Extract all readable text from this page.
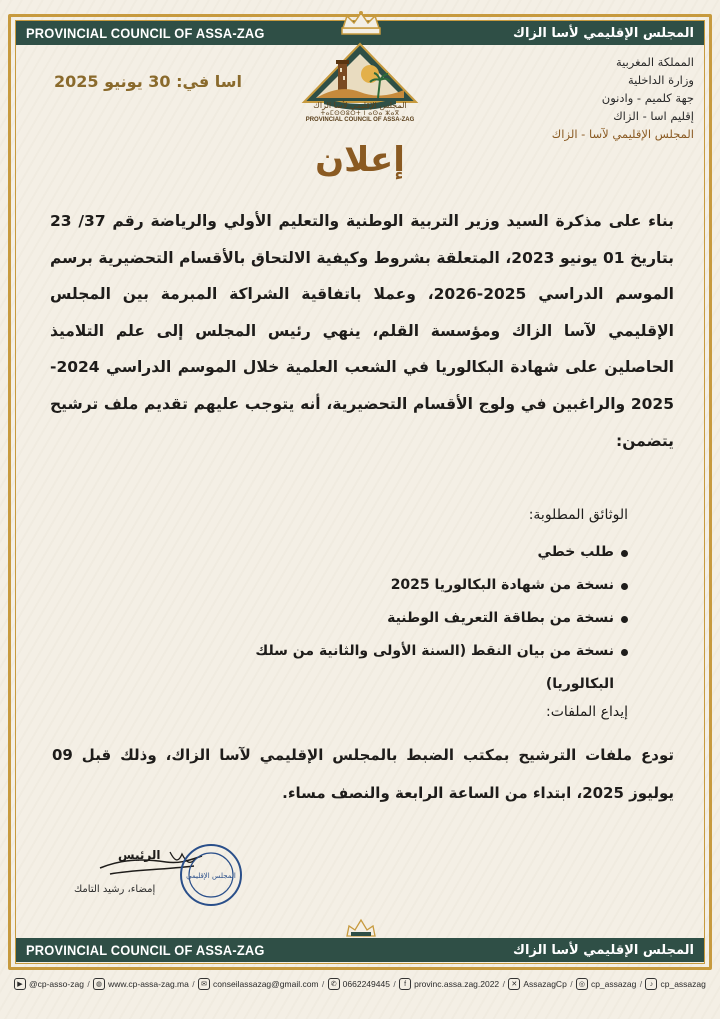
PROVINCIAL COUNCIL OF ASSA-ZAG	المجلس الإقليمي لأسا الزاك
المجلس الإقليمي لأسا الزاك
ⵜⴰⵎⵙⵙⵓⵔⵜ ⵏ ⴰⵙⴰ ⵣⴰⴳ
PROVINCIAL COUNCIL OF ASSA-ZAG
المملكة المغربية
وزارة الداخلية
جهة كلميم - وادنون
إقليم اسا - الزاك
المجلس الإقليمي لآسا - الزاك
اسا في: 30 يونيو 2025
إعلان
بناء على مذكرة السيد وزير التربية الوطنية والتعليم الأولي والرياضة رقم 37/ 23 بتاريخ 01 يونيو 2023، المتعلقة بشروط وكيفية الالتحاق بالأقسام التحضيرية برسم الموسم الدراسي 2025-2026، وعملا باتفاقية الشراكة المبرمة بين المجلس الإقليمي لآسا الزاك ومؤسسة القلم، ينهي رئيس المجلس إلى علم التلاميذ الحاصلين على شهادة البكالوريا في الشعب العلمية خلال الموسم الدراسي 2024-2025 والراغبين في ولوج الأقسام التحضيرية، أنه يتوجب عليهم تقديم ملف ترشيح يتضمن:
الوثائق المطلوبة:
طلب خطي
نسخة من شهادة البكالوريا 2025
نسخة من بطاقة التعريف الوطنية
نسخة من بيان النقط (السنة الأولى والثانية من سلك البكالوريا)
إيداع الملفات:
تودع ملفات الترشيح بمكتب الضبط بالمجلس الإقليمي لآسا الزاك، وذلك قبل 09 يوليوز 2025، ابتداء من الساعة الرابعة والنصف مساء.
الرئيس
إمضاء، رشيد التامك
المجلس الإقليمي
PROVINCIAL COUNCIL OF ASSA-ZAG	المجلس الإقليمي لأسا الزاك
▶ @cp-asso-zag / ◍ www.cp-assa-zag.ma / ✉ conseilassazag@gmail.com / ✆ 0662249445 /	f provinc.assa.zag.2022 / ✕ AssazagCp / ◎ cp_assazag /	♪ cp_assazag
